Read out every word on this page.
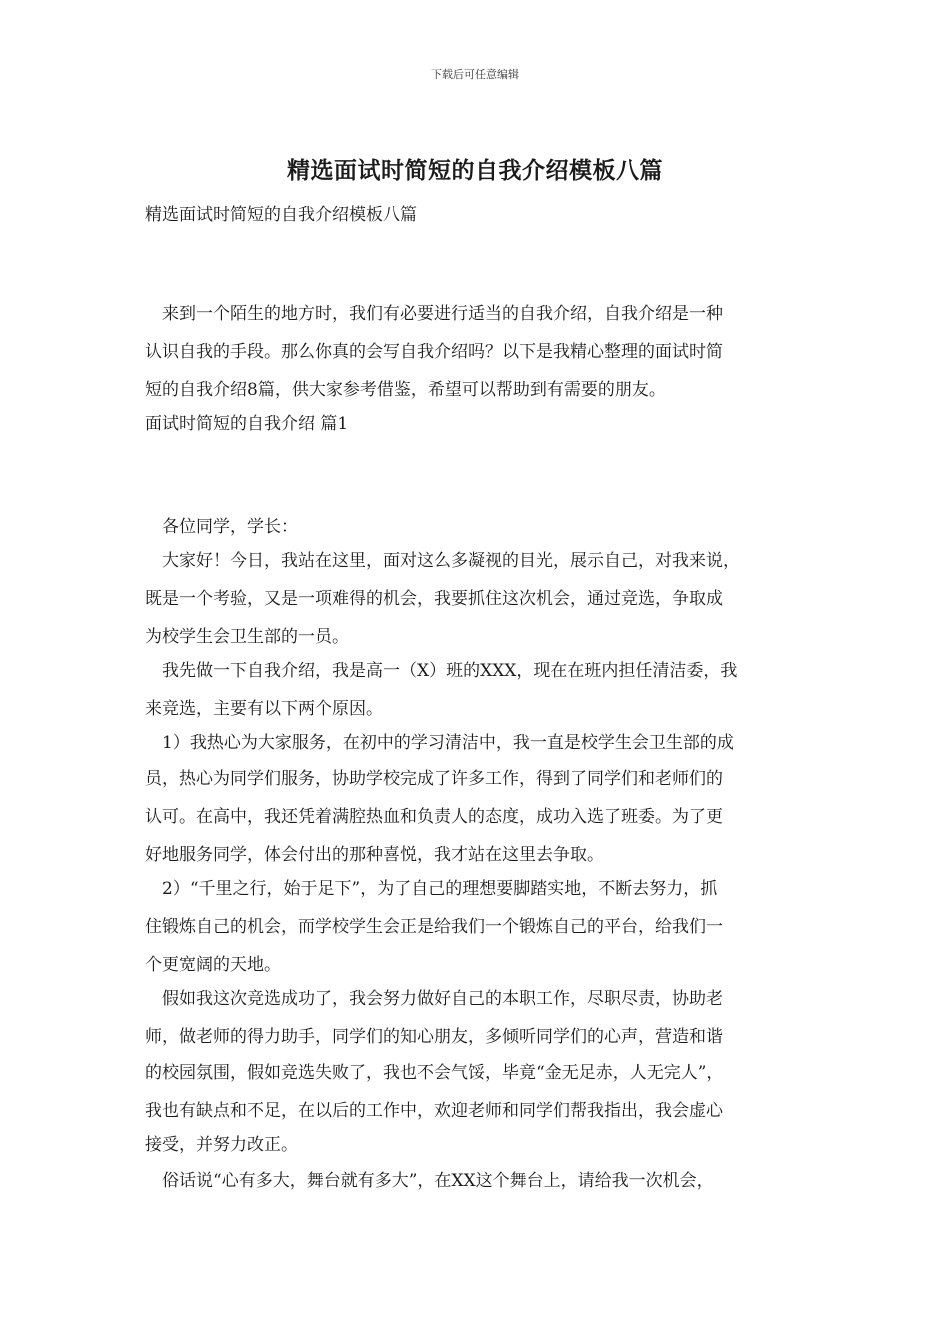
下载后可任意编辑
精选面试时简短的自我介绍模板八篇
精选面试时简短的自我介绍模板八篇
　来到一个陌生的地方时，我们有必要进行适当的自我介绍，自我介绍是一种
认识自我的手段。那么你真的会写自我介绍吗？以下是我精心整理的面试时简
短的自我介绍8篇，供大家参考借鉴，希望可以帮助到有需要的朋友。
面试时简短的自我介绍 篇1
　各位同学，学长：
　大家好！今日，我站在这里，面对这么多凝视的目光，展示自己，对我来说，
既是一个考验，又是一项难得的机会，我要抓住这次机会，通过竞选，争取成
为校学生会卫生部的一员。
　我先做一下自我介绍，我是高一（X）班的XXX，现在在班内担任清洁委，我
来竞选，主要有以下两个原因。
　1）我热心为大家服务，在初中的学习清洁中，我一直是校学生会卫生部的成
员，热心为同学们服务，协助学校完成了许多工作，得到了同学们和老师们的
认可。在高中，我还凭着满腔热血和负责人的态度，成功入选了班委。为了更
好地服务同学，体会付出的那种喜悦，我才站在这里去争取。
　2）“千里之行，始于足下”，为了自己的理想要脚踏实地，不断去努力，抓
住锻炼自己的机会，而学校学生会正是给我们一个锻炼自己的平台，给我们一
个更宽阔的天地。
　假如我这次竞选成功了，我会努力做好自己的本职工作，尽职尽责，协助老
师，做老师的得力助手，同学们的知心朋友，多倾听同学们的心声，营造和谐
的校园氛围，假如竞选失败了，我也不会气馁，毕竟“金无足赤，人无完人”，
我也有缺点和不足，在以后的工作中，欢迎老师和同学们帮我指出，我会虚心
接受，并努力改正。
　俗话说“心有多大，舞台就有多大”，在XX这个舞台上，请给我一次机会，
